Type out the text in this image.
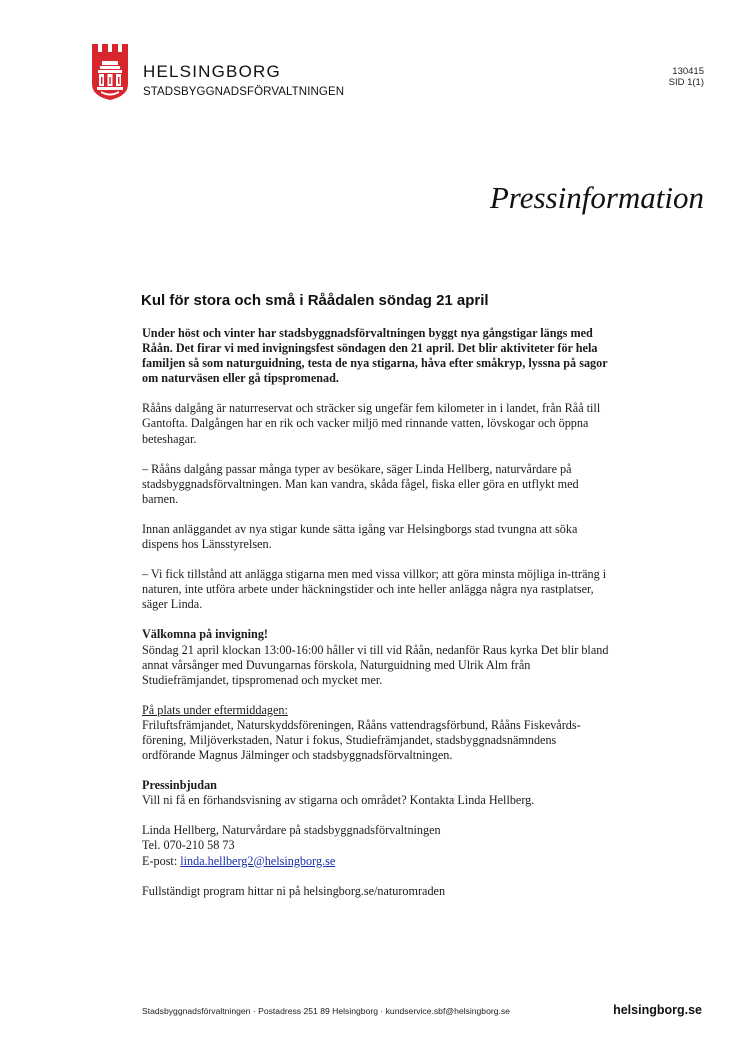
HELSINGBORG
STADSBYGGNADSFÖRVALTNINGEN
130415
SID 1(1)
Pressinformation
Kul för stora och små i Råådalen söndag 21 april

Under höst och vinter har stadsbyggnadsförvaltningen byggt nya gångstigar längs med Råån. Det firar vi med invigningsfest söndagen den 21 april. Det blir aktiviteter för hela familjen så som naturguidning, testa de nya stigarna, håva efter småkryp, lyssna på sagor om naturväsen eller gå tipspromenad.

Rååns dalgång är naturreservat och sträcker sig ungefär fem kilometer in i landet, från Råå till Gantofta. Dalgången har en rik och vacker miljö med rinnande vatten, lövskogar och öppna beteshagar.

– Rååns dalgång passar många typer av besökare, säger Linda Hellberg, naturvårdare på stadsbyggnadsförvaltningen. Man kan vandra, skåda fågel, fiska eller göra en utflykt med barnen.

Innan anläggandet av nya stigar kunde sätta igång var Helsingborgs stad tvungna att söka dispens hos Länsstyrelsen.

– Vi fick tillstånd att anlägga stigarna men med vissa villkor; att göra minsta möjliga in-tträng i naturen, inte utföra arbete under häckningstider och inte heller anlägga några nya rastplatser, säger Linda.

Välkomna på invigning!
Söndag 21 april klockan 13:00-16:00 håller vi till vid Råån, nedanför Raus kyrka Det blir bland annat vårsånger med Duvungarnas förskola, Naturguidning med Ulrik Alm från Studiefrämjandet, tipspromenad och mycket mer.

På plats under eftermiddagen:
Friluftsfrämjandet, Naturskyddsföreningen, Rååns vattendragsförbund, Rååns Fiskevårds-förening, Miljöverkstaden, Natur i fokus, Studiefrämjandet, stadsbyggnadsnämndens ordförande Magnus Jälminger och stadsbyggnadsförvaltningen.

Pressinbjudan
Vill ni få en förhandsvisning av stigarna och området? Kontakta Linda Hellberg.

Linda Hellberg, Naturvårdare på stadsbyggnadsförvaltningen
Tel. 070-210 58 73
E-post: linda.hellberg2@helsingborg.se

Fullständigt program hittar ni på helsingborg.se/naturomraden

Stadsbyggnadsförvaltningen · Postadress 251 89 Helsingborg · kundservice.sbf@helsingborg.se	helsingborg.se
